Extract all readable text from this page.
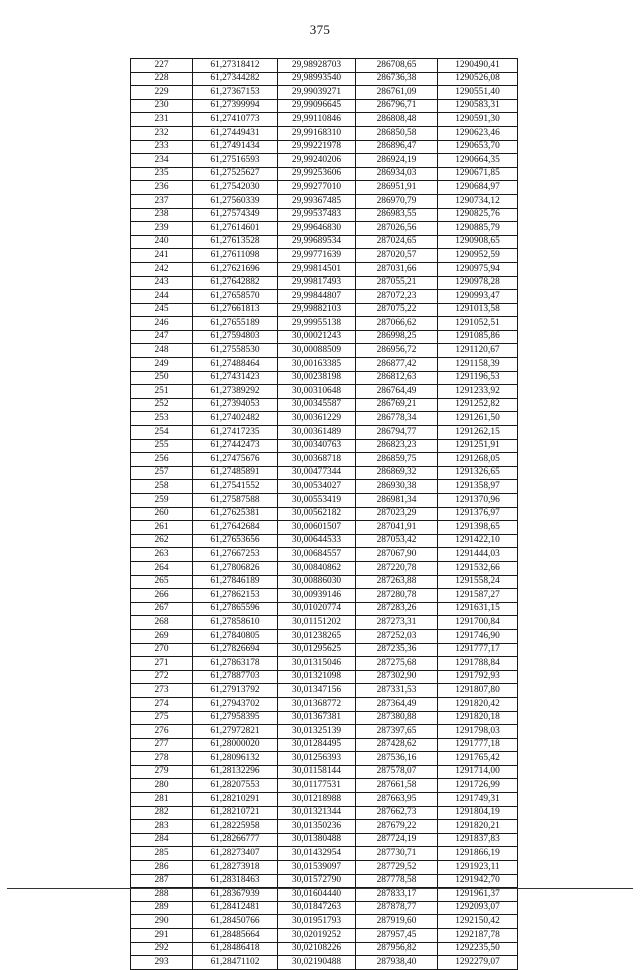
375
227	61,27318412	29,98928703	286708,65	1290490,41
228	61,27344282	29,98993540	286736,38	1290526,08
229	61,27367153	29,99039271	286761,09	1290551,40
230	61,27399994	29,99096645	286796,71	1290583,31
231	61,27410773	29,99110846	286808,48	1290591,30
232	61,27449431	29,99168310	286850,58	1290623,46
233	61,27491434	29,99221978	286896,47	1290653,70
234	61,27516593	29,99240206	286924,19	1290664,35
235	61,27525627	29,99253606	286934,03	1290671,85
236	61,27542030	29,99277010	286951,91	1290684,97
237	61,27560339	29,99367485	286970,79	1290734,12
238	61,27574349	29,99537483	286983,55	1290825,76
239	61,27614601	29,99646830	287026,56	1290885,79
240	61,27613528	29,99689534	287024,65	1290908,65
241	61,27611098	29,99771639	287020,57	1290952,59
242	61,27621696	29,99814501	287031,66	1290975,94
243	61,27642882	29,99817493	287055,21	1290978,28
244	61,27658570	29,99844807	287072,23	1290993,47
245	61,27661813	29,99882103	287075,22	1291013,58
246	61,27655189	29,99955138	287066,62	1291052,51
247	61,27594803	30,00021243	286998,25	1291085,86
248	61,27558530	30,00088509	286956,72	1291120,67
249	61,27488464	30,00163385	286877,42	1291158,39
250	61,27431423	30,00238198	286812,63	1291196,53
251	61,27389292	30,00310648	286764,49	1291233,92
252	61,27394053	30,00345587	286769,21	1291252,82
253	61,27402482	30,00361229	286778,34	1291261,50
254	61,27417235	30,00361489	286794,77	1291262,15
255	61,27442473	30,00340763	286823,23	1291251,91
256	61,27475676	30,00368718	286859,75	1291268,05
257	61,27485891	30,00477344	286869,32	1291326,65
258	61,27541552	30,00534027	286930,38	1291358,97
259	61,27587588	30,00553419	286981,34	1291370,96
260	61,27625381	30,00562182	287023,29	1291376,97
261	61,27642684	30,00601507	287041,91	1291398,65
262	61,27653656	30,00644533	287053,42	1291422,10
263	61,27667253	30,00684557	287067,90	1291444,03
264	61,27806826	30,00840862	287220,78	1291532,66
265	61,27846189	30,00886030	287263,88	1291558,24
266	61,27862153	30,00939146	287280,78	1291587,27
267	61,27865596	30,01020774	287283,26	1291631,15
268	61,27858610	30,01151202	287273,31	1291700,84
269	61,27840805	30,01238265	287252,03	1291746,90
270	61,27826694	30,01295625	287235,36	1291777,17
271	61,27863178	30,01315046	287275,68	1291788,84
272	61,27887703	30,01321098	287302,90	1291792,93
273	61,27913792	30,01347156	287331,53	1291807,80
274	61,27943702	30,01368772	287364,49	1291820,42
275	61,27958395	30,01367381	287380,88	1291820,18
276	61,27972821	30,01325139	287397,65	1291798,03
277	61,28000020	30,01284495	287428,62	1291777,18
278	61,28096132	30,01256393	287536,16	1291765,42
279	61,28132296	30,01158144	287578,07	1291714,00
280	61,28207553	30,01177531	287661,58	1291726,99
281	61,28210291	30,01218988	287663,95	1291749,31
282	61,28210721	30,01321344	287662,73	1291804,19
283	61,28225958	30,01350236	287679,22	1291820,21
284	61,28266777	30,01380488	287724,19	1291837,83
285	61,28273407	30,01432954	287730,71	1291866,19
286	61,28273918	30,01539097	287729,52	1291923,11
287	61,28318463	30,01572790	287778,58	1291942,70
288	61,28367939	30,01604440	287833,17	1291961,37
289	61,28412481	30,01847263	287878,77	1292093,07
290	61,28450766	30,01951793	287919,60	1292150,42
291	61,28485664	30,02019252	287957,45	1292187,78
292	61,28486418	30,02108226	287956,82	1292235,50
293	61,28471102	30,02190488	287938,40	1292279,07
